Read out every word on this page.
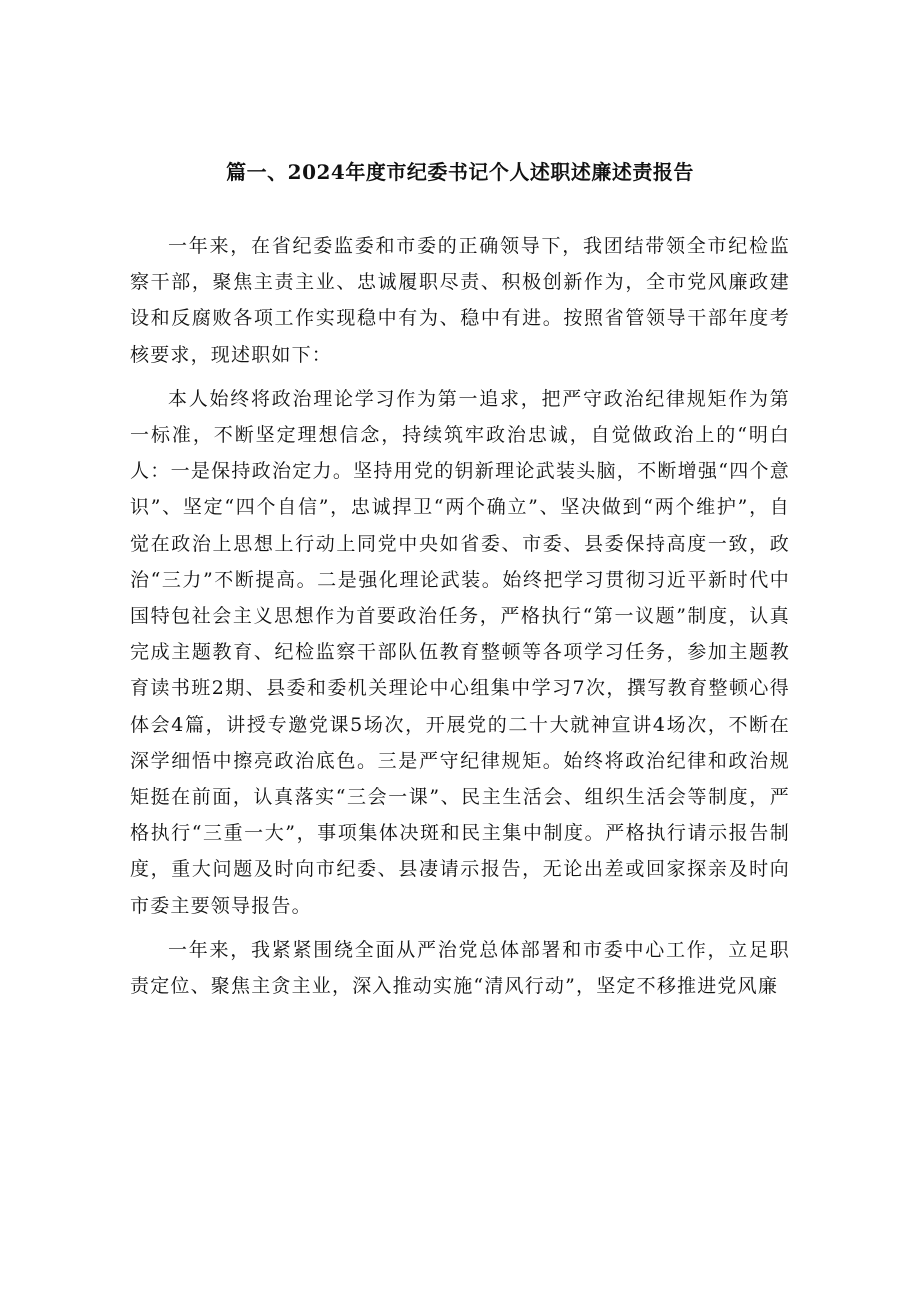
篇一、2024年度市纪委书记个人述职述廉述责报告

一年来，在省纪委监委和市委的正确领导下，我团结带领全市纪检监察干部，聚焦主责主业、忠诚履职尽责、积极创新作为，全市党风廉政建设和反腐败各项工作实现稳中有为、稳中有进。按照省管领导干部年度考核要求，现述职如下：

本人始终将政治理论学习作为第一追求，把严守政治纪律规矩作为第一标准，不断坚定理想信念，持续筑牢政治忠诚，自觉做政治上的“明白人：一是保持政治定力。坚持用党的钥新理论武装头脑，不断增强“四个意识”、坚定“四个自信”，忠诚捍卫“两个确立”、坚决做到“两个维护”，自觉在政治上思想上行动上同党中央如省委、市委、县委保持高度一致，政治“三力”不断提高。二是强化理论武装。始终把学习贯彻习近平新时代中国特包社会主义思想作为首要政治任务，严格执行“第一议题”制度，认真完成主题教育、纪检监察干部队伍教育整顿等各项学习任务，参加主题教育读书班2期、县委和委机关理论中心组集中学习7次，撰写教育整顿心得体会4篇，讲授专邀党课5场次，开展党的二十大就神宣讲4场次，不断在深学细悟中擦亮政治底色。三是严守纪律规矩。始终将政治纪律和政治规矩挺在前面，认真落实“三会一课”、民主生活会、组织生活会等制度，严格执行“三重一大”，事项集体决斑和民主集中制度。严格执行请示报告制度，重大问题及时向市纪委、县凄请示报告，无论出差或回家探亲及时向市委主要领导报告。

一年来，我紧紧围绕全面从严治党总体部署和市委中心工作，立足职责定位、聚焦主贪主业，深入推动实施“清风行动”，坚定不移推进党风廉
